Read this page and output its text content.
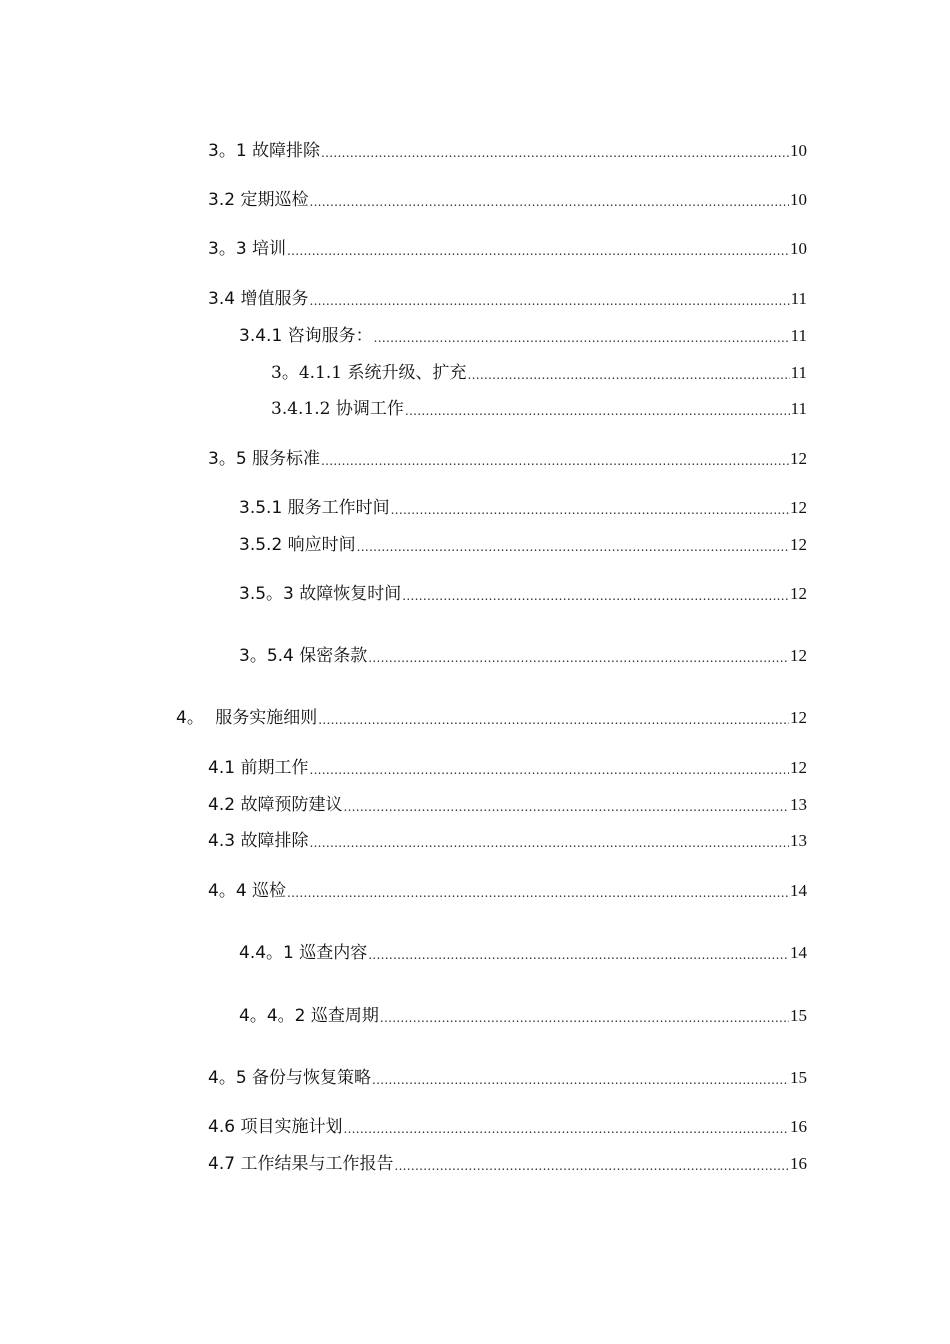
3。1 故障排除 .....	10
3.2 定期巡检 .....	10
3。3 培训 .....	10
3.4 增值服务 .....	11
3.4.1 咨询服务： .....	11
3。4.1.1 系统升级、扩充 .....	11
3.4.1.2 协调工作 .....	11
3。5 服务标准 .....	12
3.5.1 服务工作时间 .....	12
3.5.2 响应时间 .....	12
3.5。3 故障恢复时间 .....	12
3。5.4 保密条款 .....	12
4。 服务实施细则 .....	12
4.1 前期工作 .....	12
4.2 故障预防建议 .....	13
4.3 故障排除 .....	13
4。4 巡检 .....	14
4.4。1 巡查内容 .....	14
4。4。2 巡查周期 .....	15
4。5 备份与恢复策略 .....	15
4.6 项目实施计划 .....	16
4.7 工作结果与工作报告 .....	16
